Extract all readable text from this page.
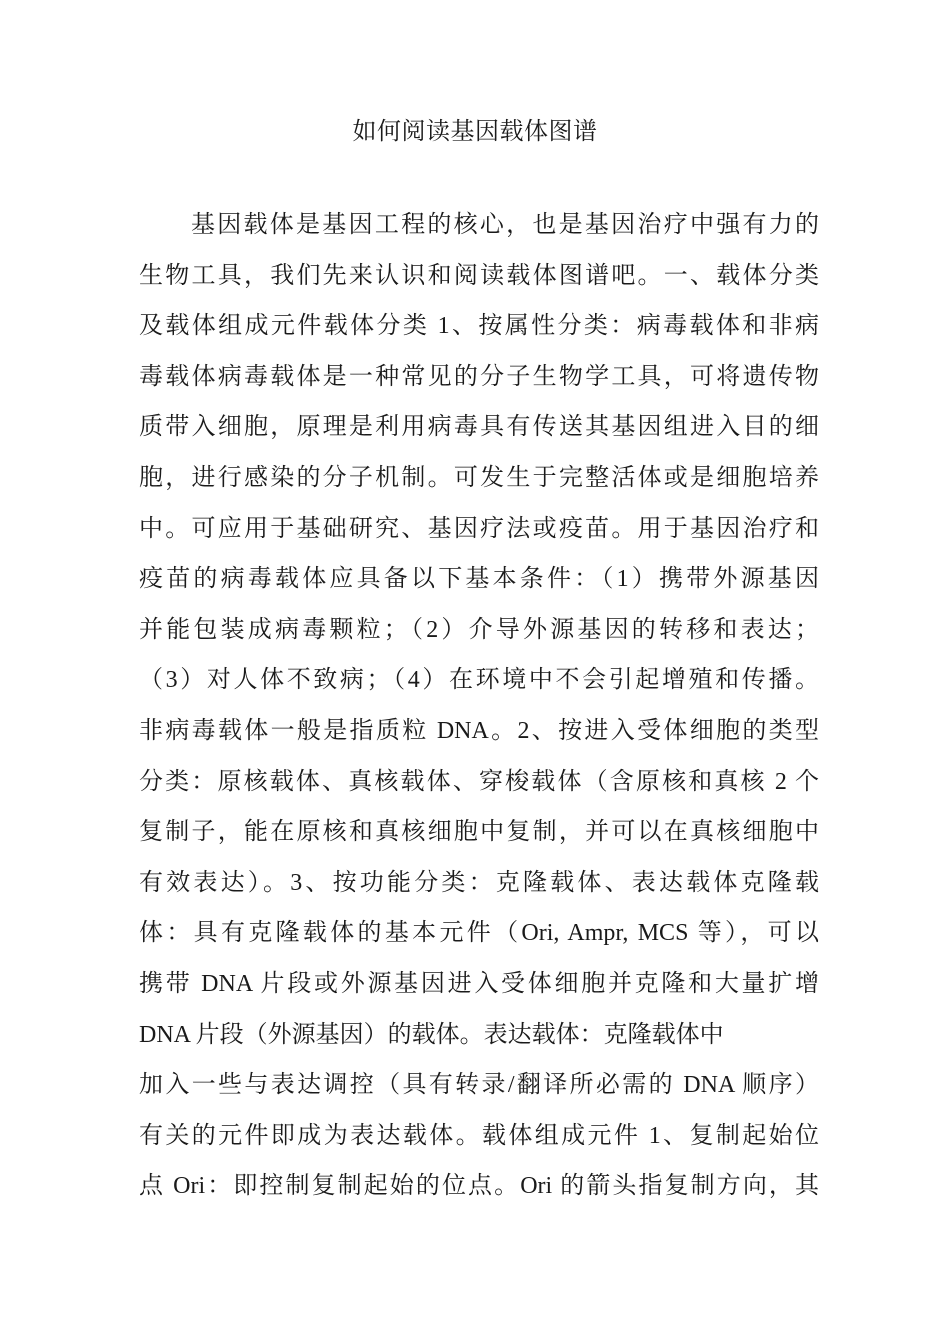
如何阅读基因载体图谱
基因载体是基因工程的核心，也是基因治疗中强有力的
生物工具，我们先来认识和阅读载体图谱吧。一、载体分类
及载体组成元件载体分类 1、按属性分类：病毒载体和非病
毒载体病毒载体是一种常见的分子生物学工具，可将遗传物
质带入细胞，原理是利用病毒具有传送其基因组进入目的细
胞，进行感染的分子机制。可发生于完整活体或是细胞培养
中。可应用于基础研究、基因疗法或疫苗。用于基因治疗和
疫苗的病毒载体应具备以下基本条件：（1）携带外源基因
并能包装成病毒颗粒；（2）介导外源基因的转移和表达；
（3）对人体不致病；（4）在环境中不会引起增殖和传播。
非病毒载体一般是指质粒 DNA。2、按进入受体细胞的类型
分类：原核载体、真核载体、穿梭载体（含原核和真核 2 个
复制子，能在原核和真核细胞中复制，并可以在真核细胞中
有效表达）。3、按功能分类：克隆载体、表达载体克隆载
体：具有克隆载体的基本元件（Ori, Ampr, MCS 等），可以
携带 DNA 片段或外源基因进入受体细胞并克隆和大量扩增
DNA 片段（外源基因）的载体。表达载体：克隆载体中
加入一些与表达调控（具有转录/翻译所必需的 DNA 顺序）
有关的元件即成为表达载体。载体组成元件 1、复制起始位
点 Ori：即控制复制起始的位点。Ori 的箭头指复制方向，其
